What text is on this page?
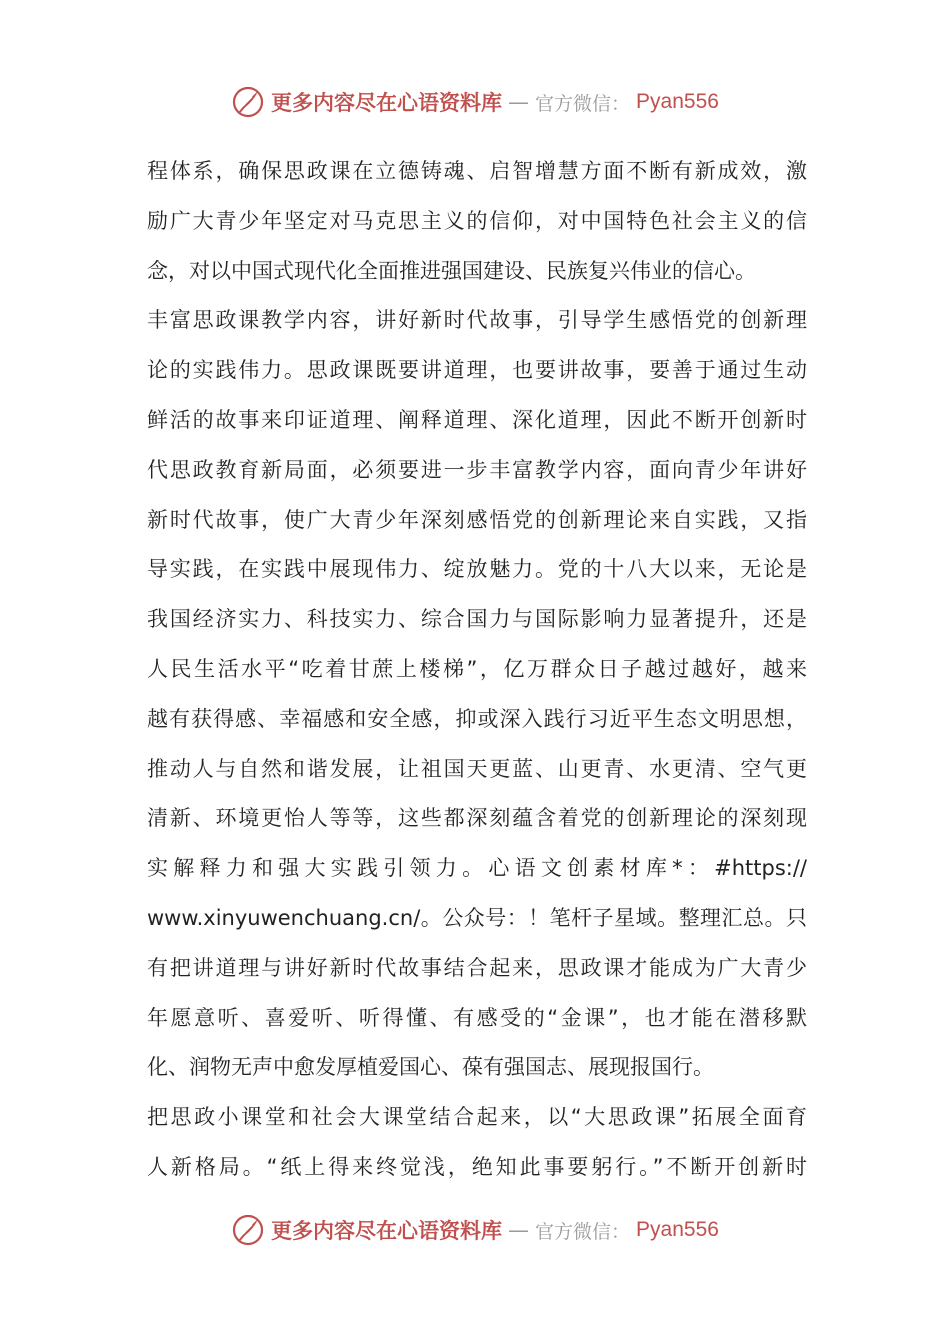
更多内容尽在心语资料库 — 官方微信： Pyan556
程体系，确保思政课在立德铸魂、启智增慧方面不断有新成效，激
励广大青少年坚定对马克思主义的信仰，对中国特色社会主义的信
念，对以中国式现代化全面推进强国建设、民族复兴伟业的信心。
丰富思政课教学内容，讲好新时代故事，引导学生感悟党的创新理
论的实践伟力。思政课既要讲道理，也要讲故事，要善于通过生动
鲜活的故事来印证道理、阐释道理、深化道理，因此不断开创新时
代思政教育新局面，必须要进一步丰富教学内容，面向青少年讲好
新时代故事，使广大青少年深刻感悟党的创新理论来自实践，又指
导实践，在实践中展现伟力、绽放魅力。党的十八大以来，无论是
我国经济实力、科技实力、综合国力与国际影响力显著提升，还是
人民生活水平“吃着甘蔗上楼梯”，亿万群众日子越过越好，越来
越有获得感、幸福感和安全感，抑或深入践行习近平生态文明思想，
推动人与自然和谐发展，让祖国天更蓝、山更青、水更清、空气更
清新、环境更怡人等等，这些都深刻蕴含着党的创新理论的深刻现
实解释力和强大实践引领力。心语文创素材库*：#https://
www.xinyuwenchuang.cn/。公众号：！笔杆子星域。整理汇总。只
有把讲道理与讲好新时代故事结合起来，思政课才能成为广大青少
年愿意听、喜爱听、听得懂、有感受的“金课”，也才能在潜移默
化、润物无声中愈发厚植爱国心、葆有强国志、展现报国行。
把思政小课堂和社会大课堂结合起来，以“大思政课”拓展全面育
人新格局。“纸上得来终觉浅，绝知此事要躬行。”不断开创新时
更多内容尽在心语资料库 — 官方微信： Pyan556
